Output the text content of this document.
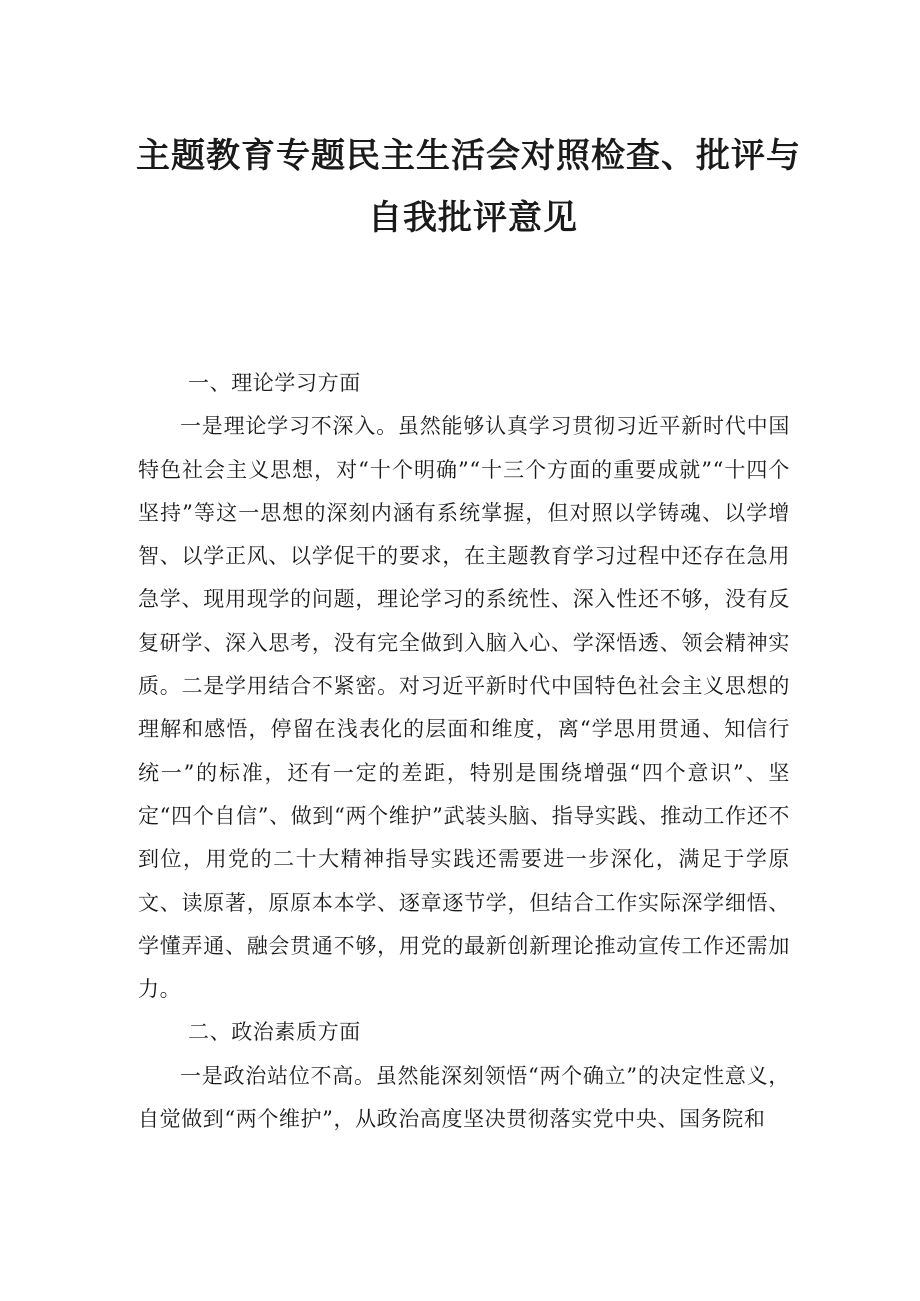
主题教育专题民主生活会对照检查、批评与
自我批评意见

一、理论学习方面

一是理论学习不深入。虽然能够认真学习贯彻习近平新时代中国特色社会主义思想，对“十个明确”“十三个方面的重要成就”“十四个坚持”等这一思想的深刻内涵有系统掌握，但对照以学铸魂、以学增智、以学正风、以学促干的要求，在主题教育学习过程中还存在急用急学、现用现学的问题，理论学习的系统性、深入性还不够，没有反复研学、深入思考，没有完全做到入脑入心、学深悟透、领会精神实质。二是学用结合不紧密。对习近平新时代中国特色社会主义思想的理解和感悟，停留在浅表化的层面和维度，离“学思用贯通、知信行统一”的标准，还有一定的差距，特别是围绕增强“四个意识”、坚定“四个自信”、做到“两个维护”武装头脑、指导实践、推动工作还不到位，用党的二十大精神指导实践还需要进一步深化，满足于学原文、读原著，原原本本学、逐章逐节学，但结合工作实际深学细悟、学懂弄通、融会贯通不够，用党的最新创新理论推动宣传工作还需加力。

二、政治素质方面

一是政治站位不高。虽然能深刻领悟“两个确立”的决定性意义，自觉做到“两个维护”，从政治高度坚决贯彻落实党中央、国务院和
